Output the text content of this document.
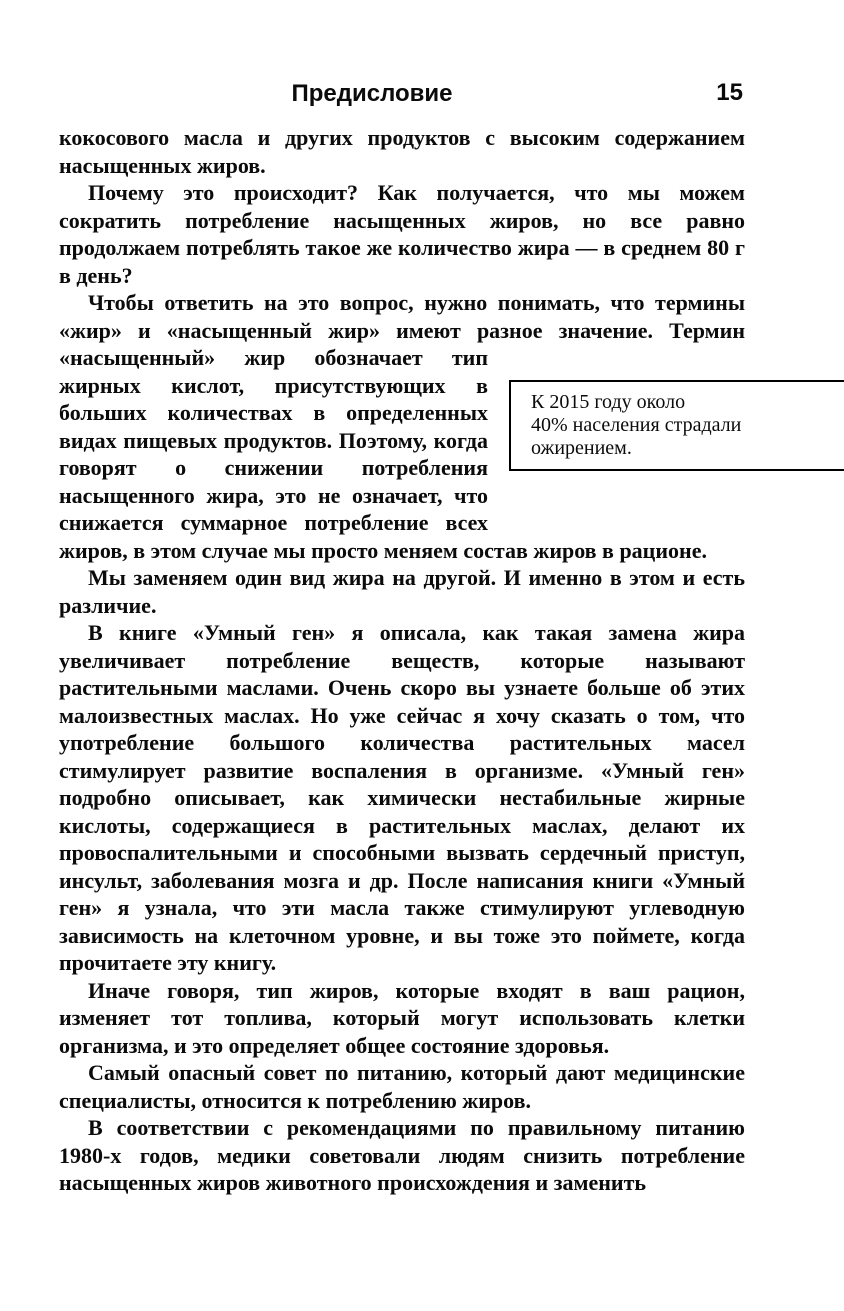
Предисловие	15

кокосового масла и других продуктов с высоким содержанием насыщенных жиров.

Почему это происходит? Как получается, что мы можем сократить потребление насыщенных жиров, но все равно продолжаем потреблять такое же количество жира — в среднем 80 г в день?

Чтобы ответить на это вопрос, нужно понимать, что термины «жир» и «насыщенный жир» имеют разное значение.
К 2015 году около
40% населения страдали
ожирением.
Термин «насыщенный» жир обозначает тип жирных кислот, присутствующих в больших количествах в определенных видах пищевых продуктов. Поэтому, когда говорят о снижении потребления насыщенного жира, это не означает, что снижается суммарное потребление всех жиров, в этом случае мы просто меняем состав жиров в рационе.

Мы заменяем один вид жира на другой. И именно в этом и есть различие.

В книге «Умный ген» я описала, как такая замена жира увеличивает потребление веществ, которые называют растительными маслами. Очень скоро вы узнаете больше об этих малоизвестных маслах. Но уже сейчас я хочу сказать о том, что употребление большого количества растительных масел стимулирует развитие воспаления в организме. «Умный ген» подробно описывает, как химически нестабильные жирные кислоты, содержащиеся в растительных маслах, делают их провоспалительными и способными вызвать сердечный приступ, инсульт, заболевания мозга и др. После написания книги «Умный ген» я узнала, что эти масла также стимулируют углеводную зависимость на клеточном уровне, и вы тоже это поймете, когда прочитаете эту книгу.

Иначе говоря, тип жиров, которые входят в ваш рацион, изменяет тот топлива, который могут использовать клетки организма, и это определяет общее состояние здоровья.

Самый опасный совет по питанию, который дают медицинские специалисты, относится к потреблению жиров.

В соответствии с рекомендациями по правильному питанию 1980-х годов, медики советовали людям снизить потребление насыщенных жиров животного происхождения и заменить
